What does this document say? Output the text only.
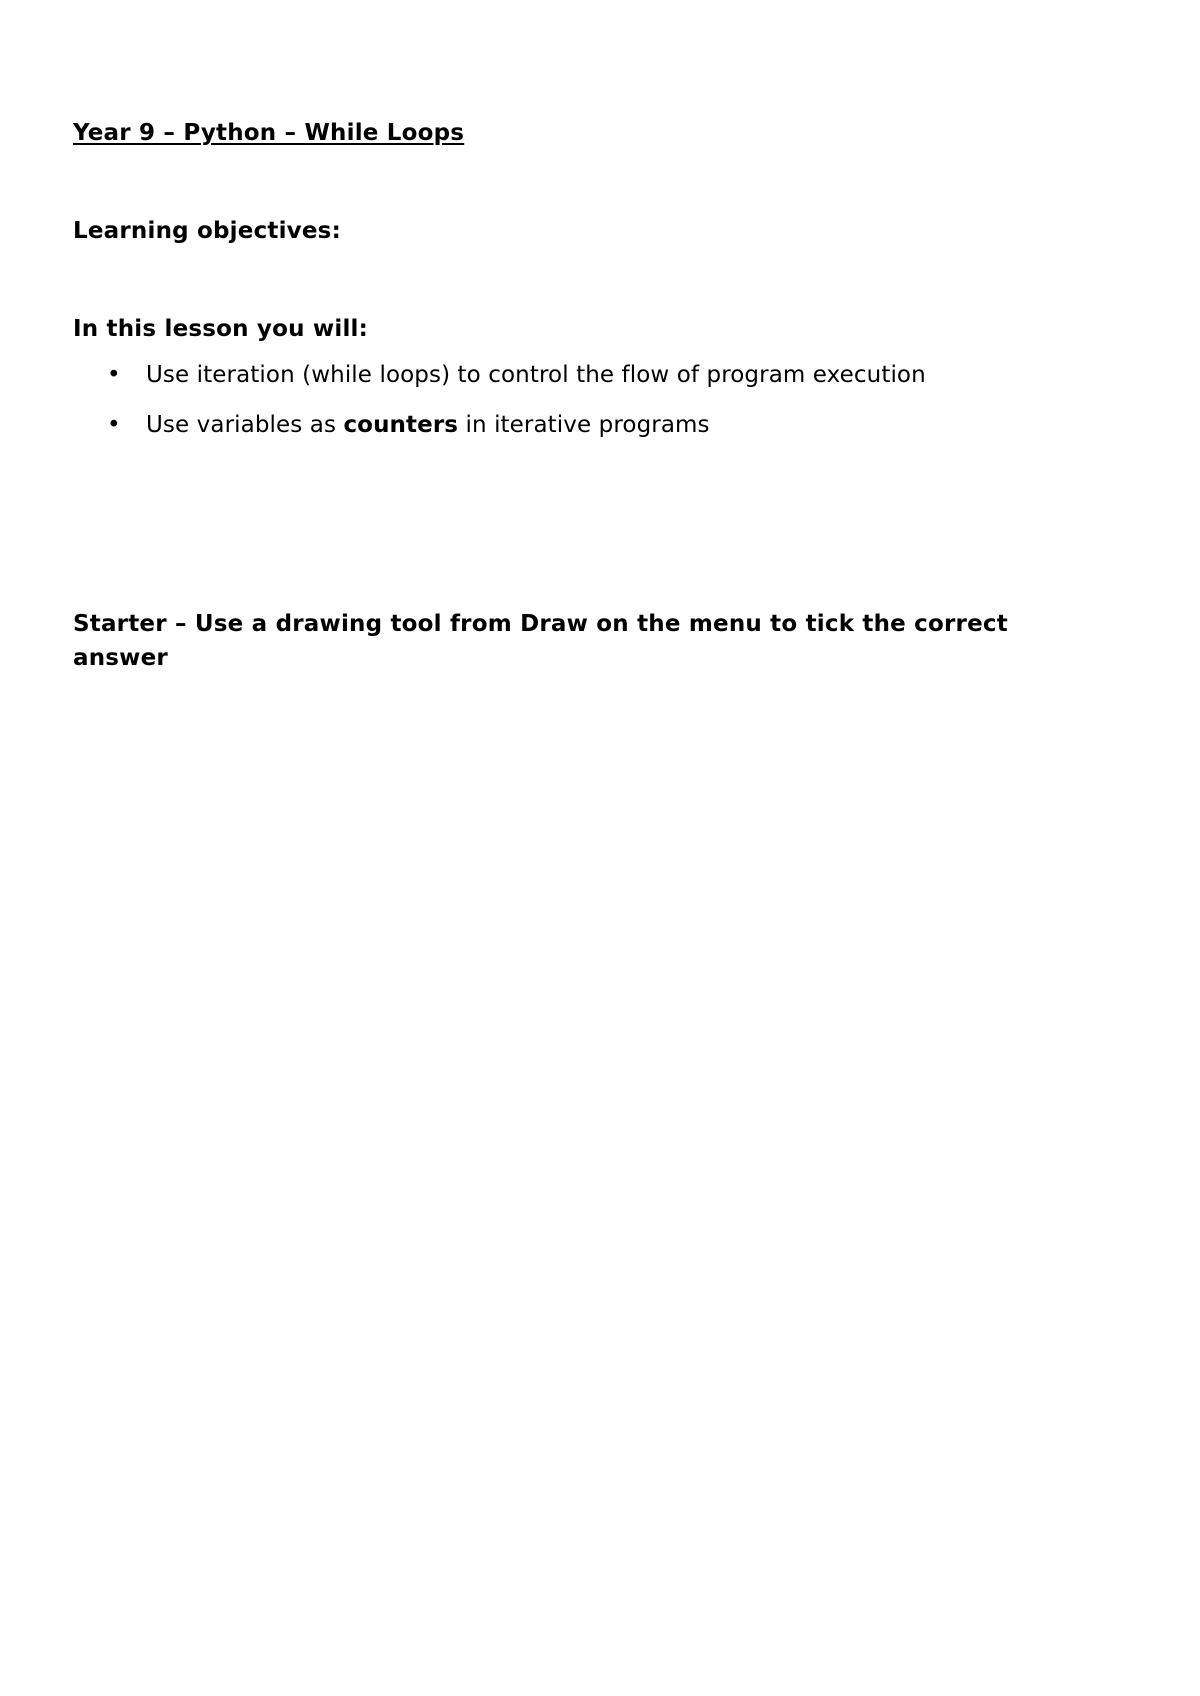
Year 9 – Python – While Loops
Learning objectives:
In this lesson you will:
• Use iteration (while loops) to control the flow of program execution
• Use variables as counters in iterative programs
Starter – Use a drawing tool from Draw on the menu to tick the correct answer
